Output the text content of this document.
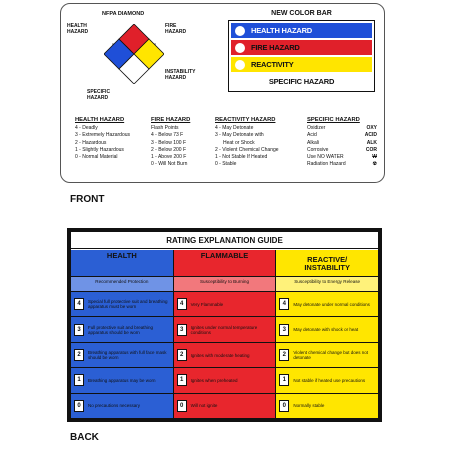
NFPA DIAMOND
HEALTH HAZARD
FIRE HAZARD
INSTABILITY HAZARD
SPECIFIC HAZARD
NEW COLOR BAR
HEALTH HAZARD
FIRE HAZARD
REACTIVITY
SPECIFIC HAZARD
HEALTH HAZARD
4 - Deadly
3 - Extremely Hazardous
2 - Hazardous
1 - Slightly Hazardous
0 - Normal Material
FIRE HAZARD
Flash Points
4 - Below 73 F
3 - Below 100 F
2 - Below 200 F
1 - Above 200 F
0 - Will Not Burn
REACTIVITY HAZARD
4 - May Detonate
3 - May Detonate with
Heat or Shock
2 - Violent Chemical Change
1 - Not Stable If Heated
0 - Stable
SPECIFIC HAZARD
Oxidizer	OXY
Acid	ACID
Alkali	ALK
Corrosive	COR
Use NO WATER	W
Radiation Hazard	☢
FRONT
RATING EXPLANATION GUIDE
HEALTH
Recommended Protection
4	Special full protective suit and breathing apparatus must be worn
3	Full protective suit and breathing apparatus should be worn
2	Breathing apparatus with full face mask should be worn
1	Breathing apparatus may be worn
0	No precautions necessary
FLAMMABLE
Susceptibility to Burning
4	Very Flammable
3	Ignites under normal temperature conditions
2	Ignites with moderate heating
1	Ignites when preheated
0	Will not ignite
REACTIVE/
INSTABILITY
Susceptibility to Energy Release
4	May detonate under normal conditions
3	May detonate with shock or heat
2	Violent chemical change but does not detonate
1	Not stable if heated use precautions
0	Normally stable
BACK
